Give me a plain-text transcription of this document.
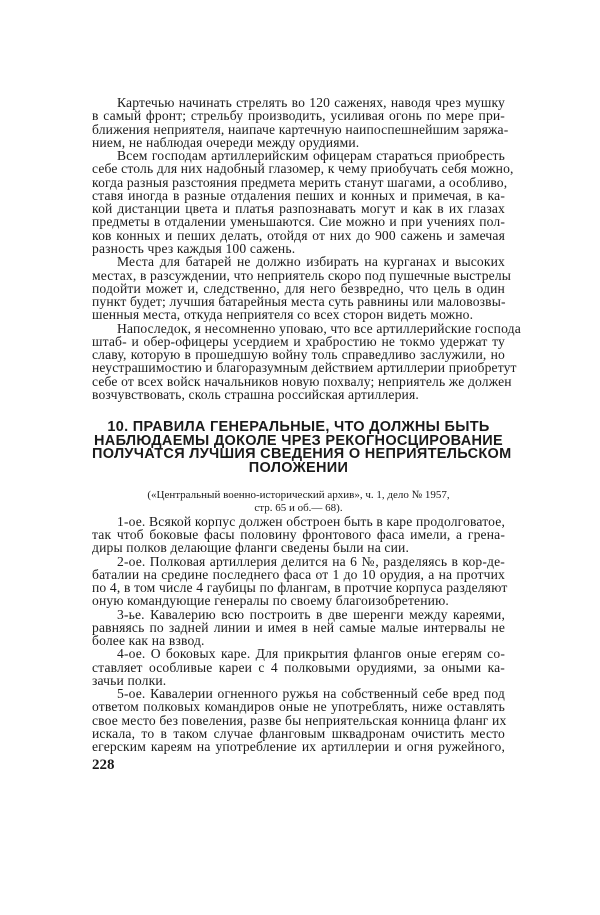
Картечью начинать стрелять во 120 саженях, наводя чрез мушку
в самый фронт; стрельбу производить, усиливая огонь по мере при-
ближения неприятеля, наипаче картечную наипоспешнейшим заряжа-
нием, не наблюдая очереди между орудиями.
Всем господам артиллерийским офицерам стараться приобресть
себе столь для них надобный глазомер, к чему приобучать себя можно,
когда разныя разстояния предмета мерить станут шагами, а особливо,
ставя иногда в разные отдаления пеших и конных и примечая, в ка-
кой дистанции цвета и платья разпознавать могут и как в их глазах
предметы в отдалении уменьшаются. Сие можно и при учениях пол-
ков конных и пеших делать, отойдя от них до 900 сажень и замечая
разность чрез каждыя 100 сажень.
Места для батарей не должно избирать на курганах и высоких
местах, в разсуждении, что неприятель скоро под пушечные выстрелы
подойти может и, следственно, для него безвредно, что цель в один
пункт будет; лучшия батарейныя места суть равнины или маловозвы-
шенныя места, откуда неприятеля со всех сторон видеть можно.
Напоследок, я несомненно уповаю, что все артиллерийские господа
штаб- и обер-офицеры усердием и храбростию не токмо удержат ту
славу, которую в прошедшую войну толь справедливо заслужили, но
неустрашимостию и благоразумным действием артиллерии приобретут
себе от всех войск начальников новую похвалу; неприятель же должен
возчувствовать, сколь страшна российская артиллерия.
10. ПРАВИЛА ГЕНЕРАЛЬНЫЕ, ЧТО ДОЛЖНЫ БЫТЬ
НАБЛЮДАЕМЫ ДОКОЛЕ ЧРЕЗ РЕКОГНОСЦИРОВАНИЕ
ПОЛУЧАТСЯ ЛУЧШИЯ СВЕДЕНИЯ О НЕПРИЯТЕЛЬСКОМ
ПОЛОЖЕНИИ
(«Центральный военно-исторический архив», ч. 1, дело № 1957,
стр. 65 и об.— 68).
1-ое. Всякой корпус должен обстроен быть в каре продолговатое,
так чтоб боковые фасы половину фронтового фаса имели, а грена-
диры полков делающие фланги сведены были на сии.
2-ое. Полковая артиллерия делится на 6 №, разделяясь в кор-де-
баталии на средине последнего фаса от 1 до 10 орудия, а на протчих
по 4, в том числе 4 гаубицы по флангам, в протчие корпуса разделяют
оную командующие генералы по своему благоизобретению.
3-ье. Кавалерию всю построить в две шеренги между кареями,
равняясь по задней линии и имея в ней самые малые интервалы не
более как на взвод.
4-ое. О боковых каре. Для прикрытия флангов оные егерям со-
ставляет особливые кареи с 4 полковыми орудиями, за оными ка-
зачьи полки.
5-ое. Кавалерии огненного ружья на собственный себе вред под
ответом полковых командиров оные не употреблять, ниже оставлять
свое место без повеления, разве бы неприятельская конница фланг их
искала, то в таком случае фланговым шквадронам очистить место
егерским кареям на употребление их артиллерии и огня ружейного,
228
